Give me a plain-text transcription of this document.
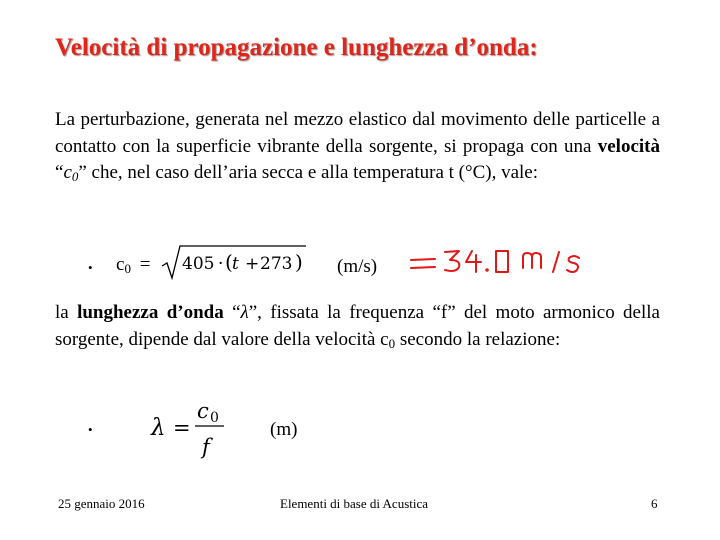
Velocità di propagazione e lunghezza d’onda:

La perturbazione, generata nel mezzo elastico dal movimento delle particelle a contatto con la superficie vibrante della sorgente, si propaga con una velocità “$c_0$” che, nel caso dell’aria secca e alla temperatura t (°C), vale:

• $c_0 = 405$ · ( t + 273 ) (m/s)

la lunghezza d’onda “λ”, fissata la frequenza “f” del moto armonico della sorgente, dipende dal valore della velocità $c_0$ secondo la relazione:

•	λ =
c 0
f
(m)
25 gennaio 2016	Elementi di base di Acustica	6
